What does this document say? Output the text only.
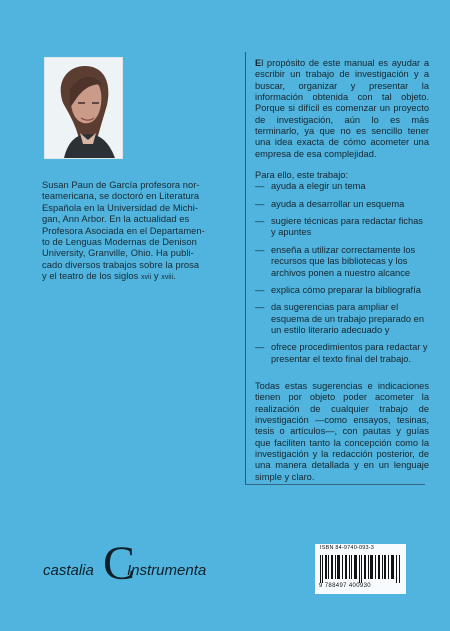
Susan Paun de García profesora nor-
teamericana, se doctoró en Literatura
Española en la Universidad de Michi-
gan, Ann Arbor. En la actualidad es
Profesora Asociada en el Departamen-
to de Lenguas Modernas de Denison
University, Granville, Ohio. Ha publi-
cado diversos trabajos sobre la prosa
y el teatro de los siglos xvii y xviii.

El propósito de este manual es ayudar a escribir un trabajo de investigación y a buscar, organizar y presentar la información obtenida con tal objeto. Porque si difícil es comenzar un proyecto de investigación, aún lo es más terminarlo, ya que no es sencillo tener una idea exacta de cómo acometer una empresa de esa complejidad.

Para ello, este trabajo:

— ayuda a elegir un tema
— ayuda a desarrollar un esquema
— sugiere técnicas para redactar fichas y apuntes
— enseña a utilizar correctamente los recursos que las bibliotecas y los archivos ponen a nuestro alcance
— explica cómo preparar la bibliografía
— da sugerencias para ampliar el esquema de un trabajo preparado en un estilo literario adecuado y
— ofrece procedimientos para redactar y presentar el texto final del trabajo.

Todas estas sugerencias e indicaciones tienen por objeto poder acometer la realización de cualquier trabajo de investigación —como ensayos, tesinas, tesis o artículos—, con pautas y guías que faciliten tanto la concepción como la investigación y la redacción posterior, de una manera detallada y en un lenguaje simple y claro.

castalia C
Instrumenta
ISBN 84-9740-093-3
9 788497 400930
